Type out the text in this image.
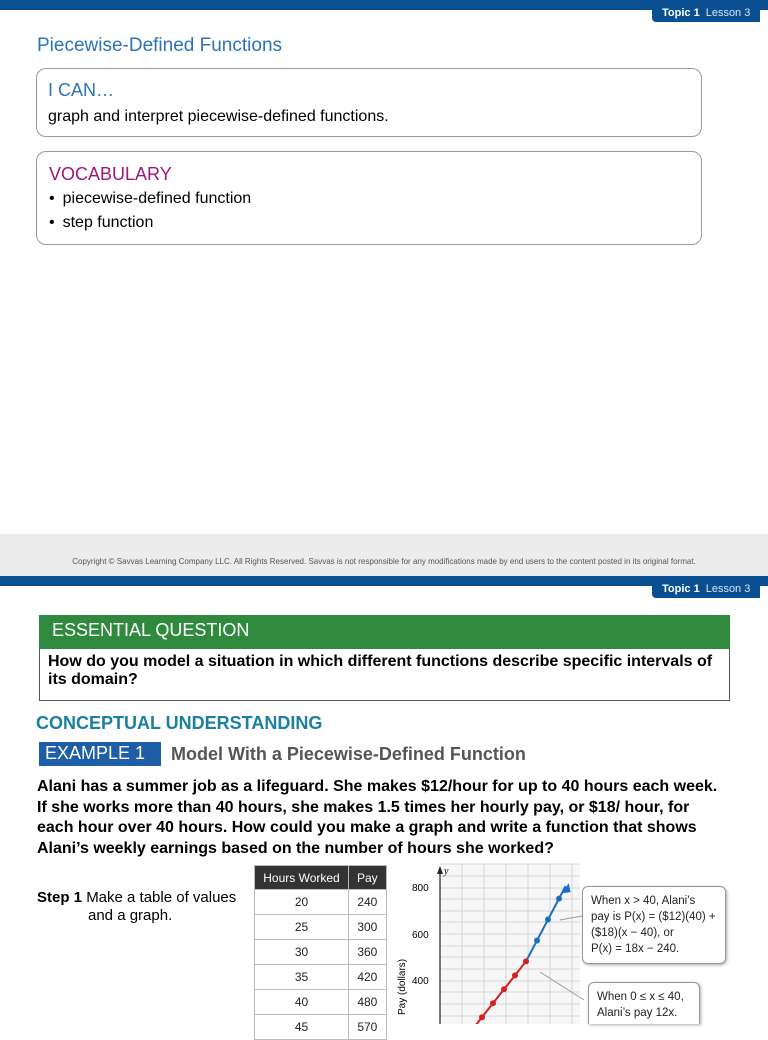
Topic 1 Lesson 3
Piecewise-Defined Functions
I CAN…
graph and interpret piecewise-defined functions.
VOCABULARY
• piecewise-defined function
• step function
Copyright © Savvas Learning Company LLC. All Rights Reserved. Savvas is not responsible for any modifications made by end users to the content posted in its original format.
Topic 1 Lesson 3
ESSENTIAL QUESTION
How do you model a situation in which different functions describe specific intervals of its domain?
CONCEPTUAL UNDERSTANDING
EXAMPLE 1	Model With a Piecewise-Defined Function
Alani has a summer job as a lifeguard. She makes $12/hour for up to 40 hours each week. If she works more than 40 hours, she makes 1.5 times her hourly pay, or $18/ hour, for each hour over 40 hours. How could you make a graph and write a function that shows Alani’s weekly earnings based on the number of hours she worked?
Step 1 Make a table of values
and a graph.
Hours Worked	Pay
20	240
25	300
30	360
35	420
40	480
45	570
y
800
600
400
Pay (dollars)
When x > 40, Alani’s
pay is P(x) = ($12)(40) +
($18)(x − 40), or
P(x) = 18x − 240.
When 0 ≤ x ≤ 40,
Alani’s pay 12x.
